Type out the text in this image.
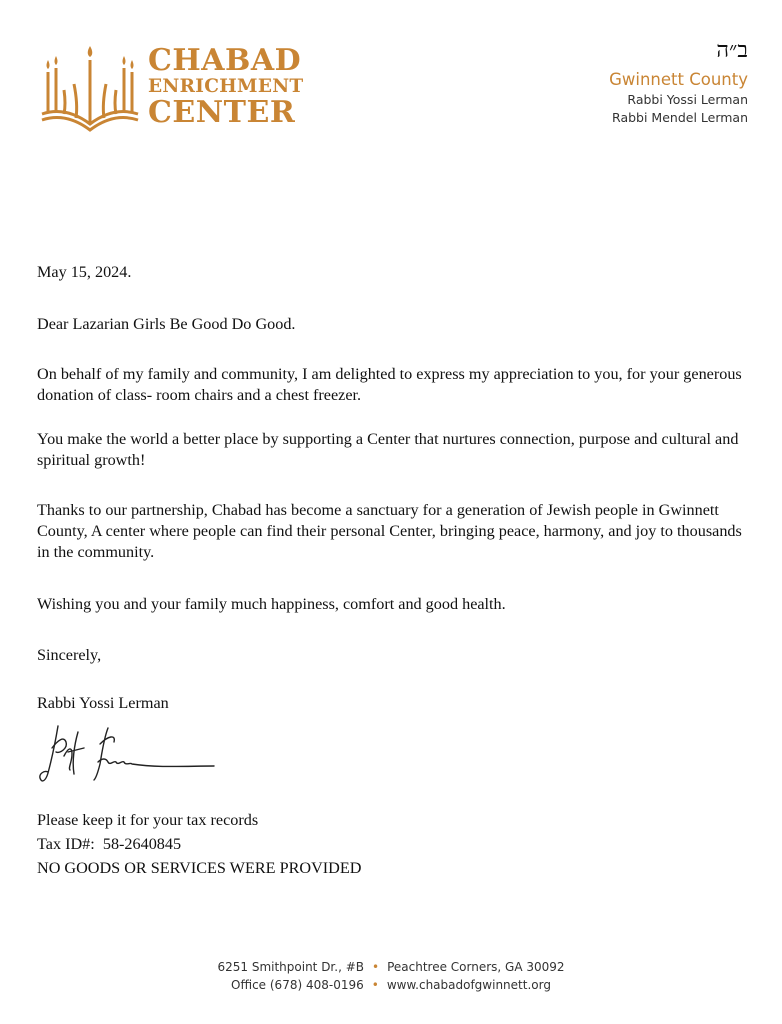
CHABAD
ENRICHMENT
CENTER
ב״ה
Gwinnett County
Rabbi Yossi Lerman
Rabbi Mendel Lerman

May 15, 2024.

Dear Lazarian Girls Be Good Do Good.

On behalf of my family and community, I am delighted to express my appreciation to you, for your generous donation of class- room chairs and a chest freezer.

You make the world a better place by supporting a Center that nurtures connection, purpose and cultural and spiritual growth!

Thanks to our partnership, Chabad has become a sanctuary for a generation of Jewish people in Gwinnett County, A center where people can find their personal Center, bringing peace, harmony, and joy to thousands in the community.

Wishing you and your family much happiness, comfort and good health.

Sincerely,

Rabbi Yossi Lerman

Please keep it for your tax records

Tax ID#: 58-2640845

NO GOODS OR SERVICES WERE PROVIDED

6251 Smithpoint Dr., #B • Peachtree Corners, GA 30092
Office (678) 408-0196 • www.chabadofgwinnett.org
